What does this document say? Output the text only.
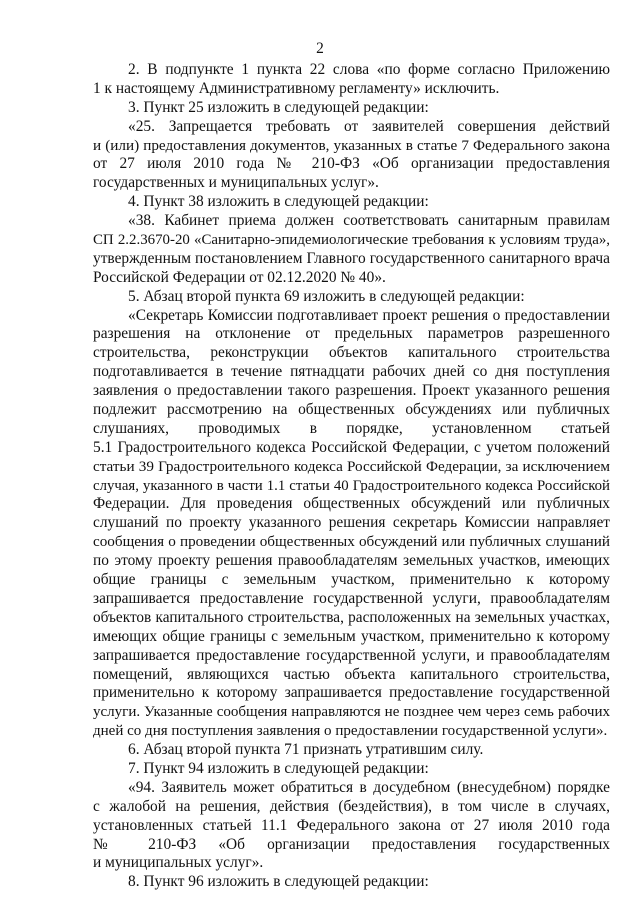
2
2. В подпункте 1 пункта 22 слова «по форме согласно Приложению
1 к настоящему Административному регламенту» исключить.
3. Пункт 25 изложить в следующей редакции:
«25. Запрещается требовать от заявителей совершения действий
и (или) предоставления документов, указанных в статье 7 Федерального закона
от 27 июля 2010 года № 210-ФЗ «Об организации предоставления
государственных и муниципальных услуг».
4. Пункт 38 изложить в следующей редакции:
«38. Кабинет приема должен соответствовать санитарным правилам
СП 2.2.3670-20 «Санитарно-эпидемиологические требования к условиям труда»,
утвержденным постановлением Главного государственного санитарного врача
Российской Федерации от 02.12.2020 № 40».
5. Абзац второй пункта 69 изложить в следующей редакции:
«Секретарь Комиссии подготавливает проект решения о предоставлении
разрешения на отклонение от предельных параметров разрешенного
строительства, реконструкции объектов капитального строительства
подготавливается в течение пятнадцати рабочих дней со дня поступления
заявления о предоставлении такого разрешения. Проект указанного решения
подлежит рассмотрению на общественных обсуждениях или публичных
слушаниях, проводимых в порядке, установленном статьей
5.1 Градостроительного кодекса Российской Федерации, с учетом положений
статьи 39 Градостроительного кодекса Российской Федерации, за исключением
случая, указанного в части 1.1 статьи 40 Градостроительного кодекса Российской
Федерации. Для проведения общественных обсуждений или публичных
слушаний по проекту указанного решения секретарь Комиссии направляет
сообщения о проведении общественных обсуждений или публичных слушаний
по этому проекту решения правообладателям земельных участков, имеющих
общие границы с земельным участком, применительно к которому
запрашивается предоставление государственной услуги, правообладателям
объектов капитального строительства, расположенных на земельных участках,
имеющих общие границы с земельным участком, применительно к которому
запрашивается предоставление государственной услуги, и правообладателям
помещений, являющихся частью объекта капитального строительства,
применительно к которому запрашивается предоставление государственной
услуги. Указанные сообщения направляются не позднее чем через семь рабочих
дней со дня поступления заявления о предоставлении государственной услуги».
6. Абзац второй пункта 71 признать утратившим силу.
7. Пункт 94 изложить в следующей редакции:
«94. Заявитель может обратиться в досудебном (внесудебном) порядке
с жалобой на решения, действия (бездействия), в том числе в случаях,
установленных статьей 11.1 Федерального закона от 27 июля 2010 года
№ 210-ФЗ «Об организации предоставления государственных
и муниципальных услуг».
8. Пункт 96 изложить в следующей редакции:
